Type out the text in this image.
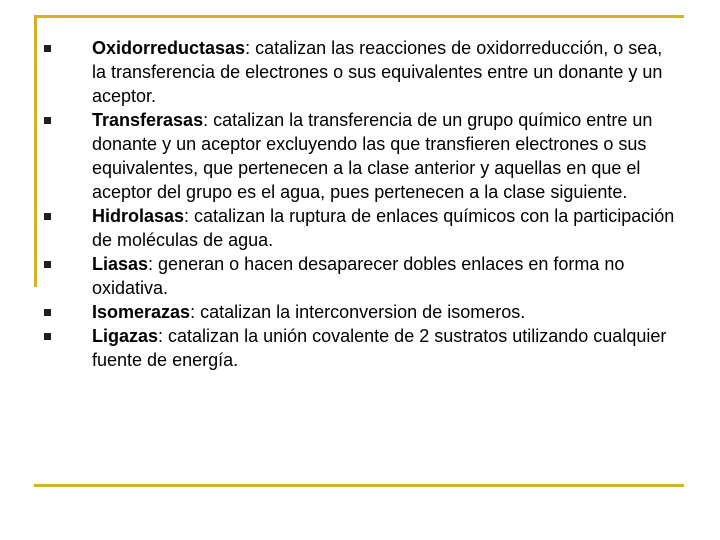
Oxidorreductasas: catalizan las reacciones de oxidorreducción, o sea, la transferencia de electrones o sus equivalentes entre un donante y un aceptor.
Transferasas: catalizan la transferencia de un grupo químico entre un donante y un aceptor excluyendo las que transfieren electrones o sus equivalentes, que pertenecen a la clase anterior y aquellas en que el aceptor del grupo es el agua, pues pertenecen a la clase siguiente.
Hidrolasas: catalizan la ruptura de enlaces químicos con la participación de moléculas de agua.
Liasas: generan o hacen desaparecer dobles enlaces en forma no oxidativa.
Isomerazas: catalizan la interconversion de isomeros.
Ligazas: catalizan la unión covalente de 2 sustratos utilizando cualquier fuente de energía.
